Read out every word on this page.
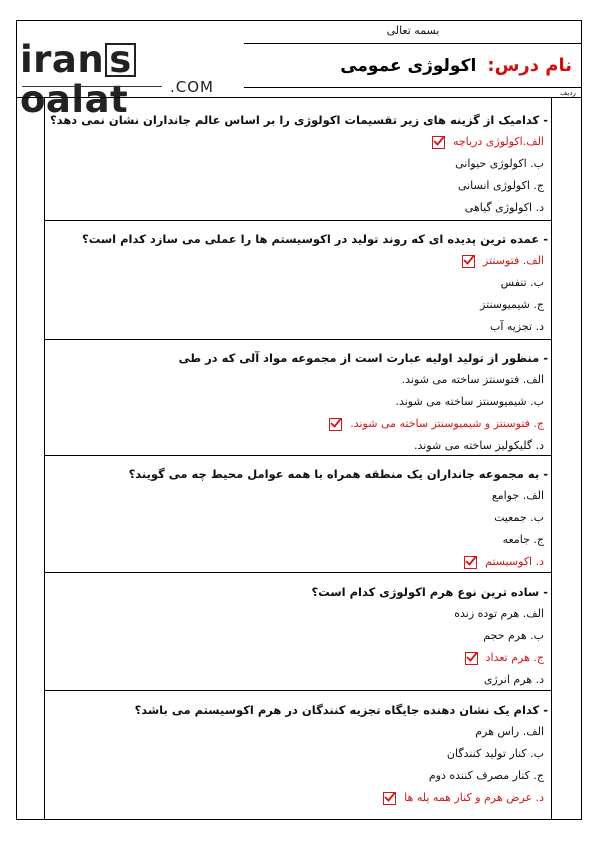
iran soalat	.COM
بسمه تعالی
نام درس: اکولوژی عمومی
ردیف
- کدامیک از گزینه های زیر تقسیمات اکولوژی را بر اساس عالم جانداران نشان نمی دهد؟
الف.اکولوژی دریاچه
ب. اکولوژی حیوانی
ج. اکولوژی انسانی
د. اکولوژی گیاهی
- عمده ترین پدیده ای که روند تولید در اکوسیستم ها را عملی می سازد کدام است؟
الف. فتوسنتز
ب. تنفس
ج. شیمیوسنتز
د. تجزیه آب
- منظور از تولید اولیه عبارت است از مجموعه مواد آلی که در طی
الف. فتوسنتز ساخته می شوند.
ب. شیمیوسنتز ساخته می شوند.
ج. فتوسنتز و شیمیوسنتز ساخته می شوند.
د. گلیکولیز ساخته می شوند.
- به مجموعه جانداران یک منطقه همراه با همه عوامل محیط چه می گویند؟
الف. جوامع
ب. جمعیت
ج. جامعه
د. اکوسیستم
- ساده ترین نوع هرم اکولوژی کدام است؟
الف. هرم توده زنده
ب. هرم حجم
ج. هرم تعداد
د. هرم انرژی
- کدام یک نشان دهنده جایگاه تجزیه کنندگان در هرم اکوسیستم می باشد؟
الف. راس هرم
ب. کنار تولید کنندگان
ج. کنار مصرف کننده دوم
د. عرض هرم و کنار همه پله ها
